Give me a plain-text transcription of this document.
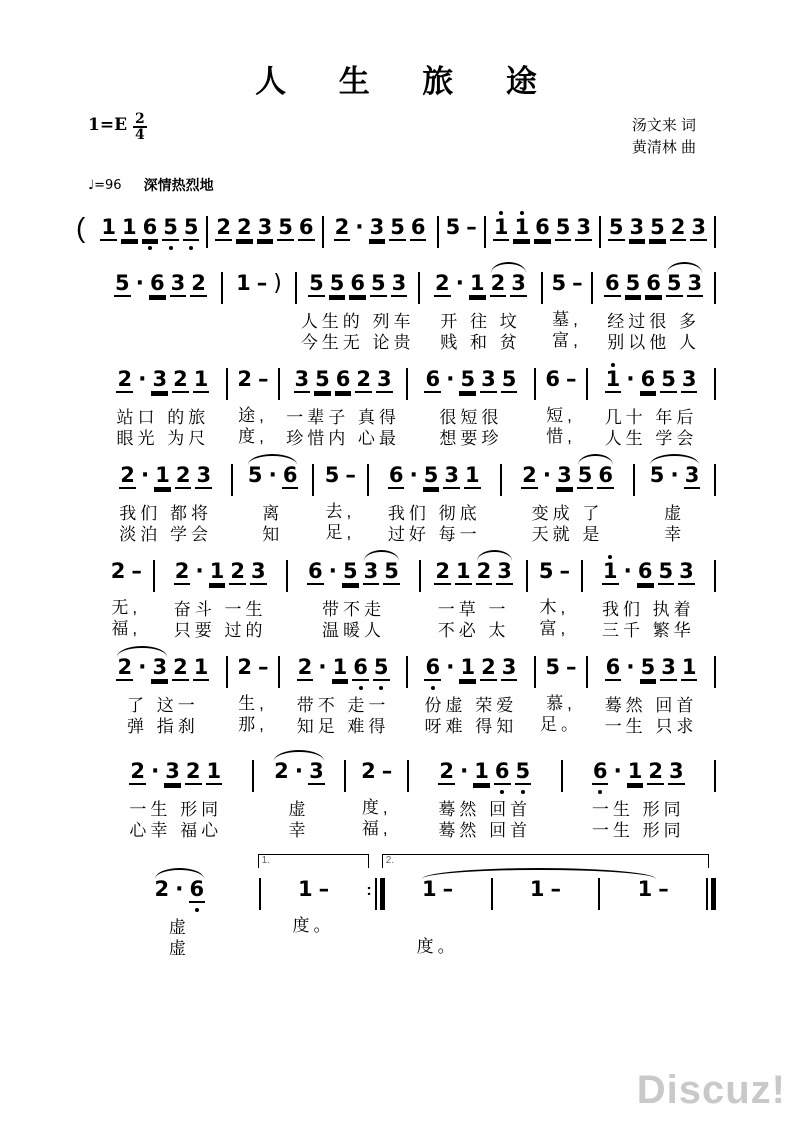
人 生 旅 途
$1=E \frac{2}{4}$	汤文来 词
黄清林 曲
♩=96 深情热烈地
( 1 1 6 5 5 2 2 3 5 6 2 · 3 5 6 5 – 1 1 6 5 3 5 3 5 2 3
5 · 6 3 2

1 – )

5 5 6 5 3
人生的 列车
今生无 论贵
2 · 1 2 3
开 往 坟
贱 和 贫
5 –
墓,
富,
6 5 6 5 3
经过很 多
别以他 人
2 · 3 2 1
站口 的旅
眼光 为尺
2 –
途,
度,
3 5 6 2 3
一辈子 真得
珍惜内 心最
6 · 5 3 5
很短很
想要珍
6 –
短,
惜,
1 · 6 5 3
几十 年后
人生 学会
2 · 1 2 3
我们 都将
淡泊 学会
5 · 6
离
知
5 –
去,
足,
6 · 5 3 1
我们 彻底
过好 每一
2 · 3 5 6
变成 了
天就 是
5 · 3
虚
幸
2 –
无,
福,
2 · 1 2 3
奋斗 一生
只要 过的
6 · 5 3 5
带不走
温暖人
2 1 2 3
一草 一
不必 太
5 –
木,
富,
1 · 6 5 3
我们 执着
三千 繁华
2 · 3 2 1
了 这一
弹 指刹
2 –
生,
那,
2 · 1 6 5
带不 走一
知足 难得
6 · 1 2 3
份虚 荣爱
呀难 得知
5 –
慕,
足。
6 · 5 3 1
蓦然 回首
一生 只求
2 · 3 2 1
一生 形同
心幸 福心
2 · 3
虚
幸
2 –
度,
福,
2 · 1 6 5
蓦然 回首
蓦然 回首
6 · 1 2 3
一生 形同
一生 形同
2 · 6
虚
虚
1.
1 –
度。

:
2.
1 –

度。
1 –

	1 –

Discuz!
